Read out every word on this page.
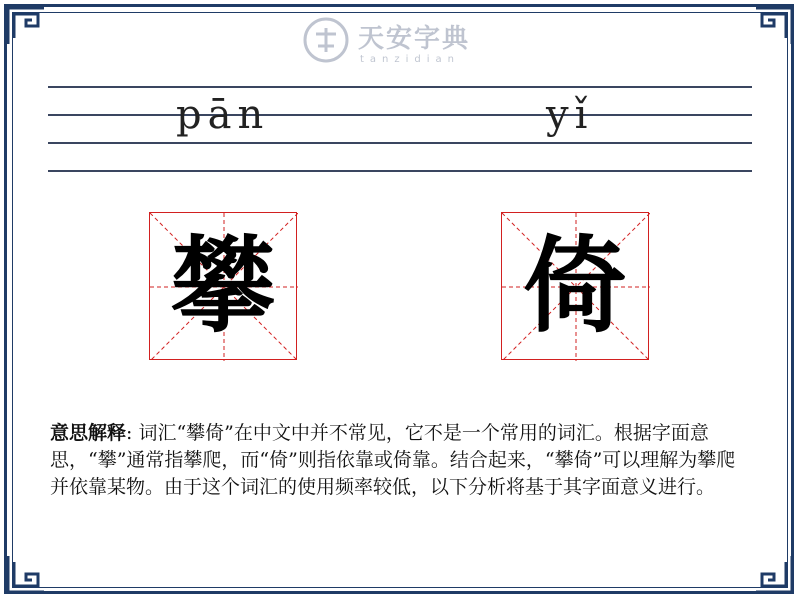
天安字典
tanzidian
pān	yǐ
攀 倚
意思解释: 词汇“攀倚”在中文中并不常见，它不是一个常用的词汇。根据字面意思，“攀”通常指攀爬，而“倚”则指依靠或倚靠。结合起来，“攀倚”可以理解为攀爬并依靠某物。由于这个词汇的使用频率较低，以下分析将基于其字面意义进行。
